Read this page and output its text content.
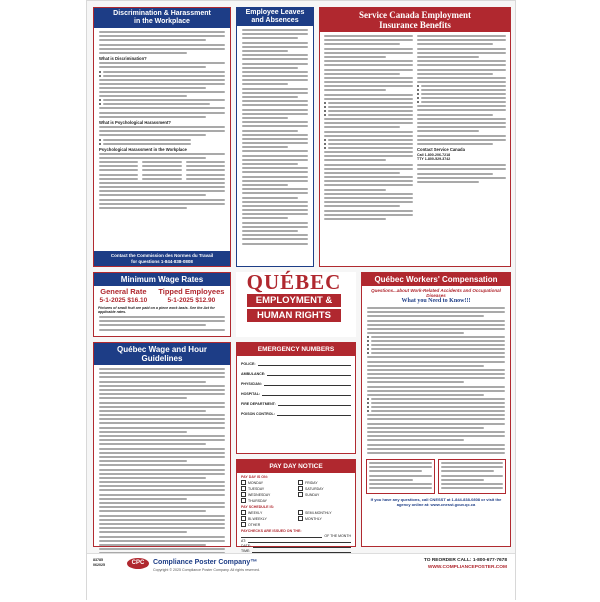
Discrimination & Harassment
in the Workplace
What is Discrimination?
What is Psychological Harassment?
Psychological Harassment in the Workplace
Contact the Commission des Normes du Travail
for questions 1-844-838-0808
Employee Leaves
and Absences
Service Canada Employment
Insurance Benefits
Contact Service Canada
Call 1-800-206-7218
TTY 1-800-529-3742
Minimum Wage Rates
General Rate
5-1-2025 $16.10
Tipped Employees
5-1-2025 $12.90
Pictures of small fruit are paid on a piece work basis. See the Act for applicable rates.
QUÉBEC
EMPLOYMENT &
HUMAN RIGHTS
Québec Workers' Compensation
Questions...about Work-Related Accidents and Occupational Diseases
What you Need to Know!!!
If you have any questions, call CNESST at 1-844-838-0808 or visit the agency online at: www.cnesst.gouv.qc.ca
Québec Wage and Hour Guidelines
EMERGENCY NUMBERS
POLICE:
AMBULANCE:
PHYSICIAN:
HOSPITAL:
FIRE DEPARTMENT:
POISON CONTROL:
PAY DAY NOTICE
PAY DAY IS ON:
MONDAY	FRIDAY
TUESDAY	SATURDAY
WEDNESDAY	SUNDAY
THURSDAY
PAY SCHEDULE IS:
WEEKLY	SEMI-MONTHLY
BI-WEEKLY	MONTHLY
OTHER
PAYCHECKS ARE ISSUED ON THE:
OF THE MONTH
AT:
DATE:
TIME:
83785
062025	CPC	Compliance Poster Company™
Copyright © 2025 Compliance Poster Company. All rights reserved.
TO REORDER CALL: 1-800-677-7678
WWW.COMPLIANCEPOSTER.COM
